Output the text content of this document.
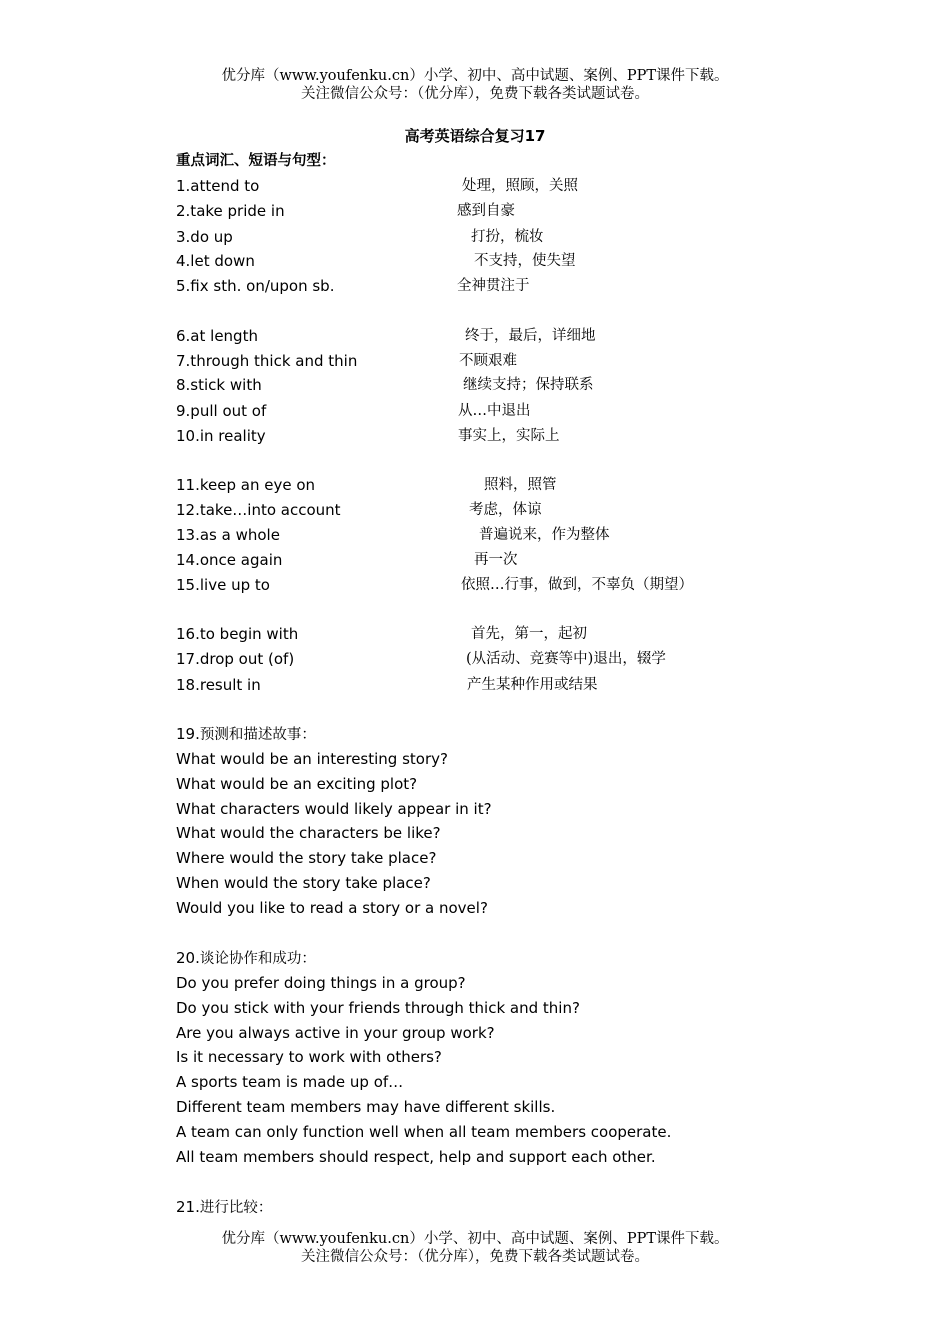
优分库（www.youfenku.cn）小学、初中、高中试题、案例、PPT课件下载。
关注微信公众号：（优分库），免费下载各类试题试卷。
高考英语综合复习17
重点词汇、短语与句型：
1.attend to	处理，照顾，关照
2.take pride in	感到自豪
3.do up	打扮，梳妆
4.let down	不支持，使失望
5.fix sth. on/upon sb.	全神贯注于
6.at length	终于，最后，详细地
7.through thick and thin	不顾艰难
8.stick with	继续支持；保持联系
9.pull out of	从…中退出
10.in reality	事实上，实际上
11.keep an eye on	照料，照管
12.take…into account	考虑，体谅
13.as a whole	普遍说来，作为整体
14.once again	再一次
15.live up to	依照…行事，做到，不辜负（期望）
16.to begin with	首先，第一，起初
17.drop out (of)	(从活动、竞赛等中)退出，辍学
18.result in	产生某种作用或结果
19.预测和描述故事：
What would be an interesting story?
What would be an exciting plot?
What characters would likely appear in it?
What would the characters be like?
Where would the story take place?
When would the story take place?
Would you like to read a story or a novel?
20.谈论协作和成功：
Do you prefer doing things in a group?
Do you stick with your friends through thick and thin?
Are you always active in your group work?
Is it necessary to work with others?
A sports team is made up of…
Different team members may have different skills.
A team can only function well when all team members cooperate.
All team members should respect, help and support each other.
21.进行比较：
优分库（www.youfenku.cn）小学、初中、高中试题、案例、PPT课件下载。
关注微信公众号：（优分库），免费下载各类试题试卷。
